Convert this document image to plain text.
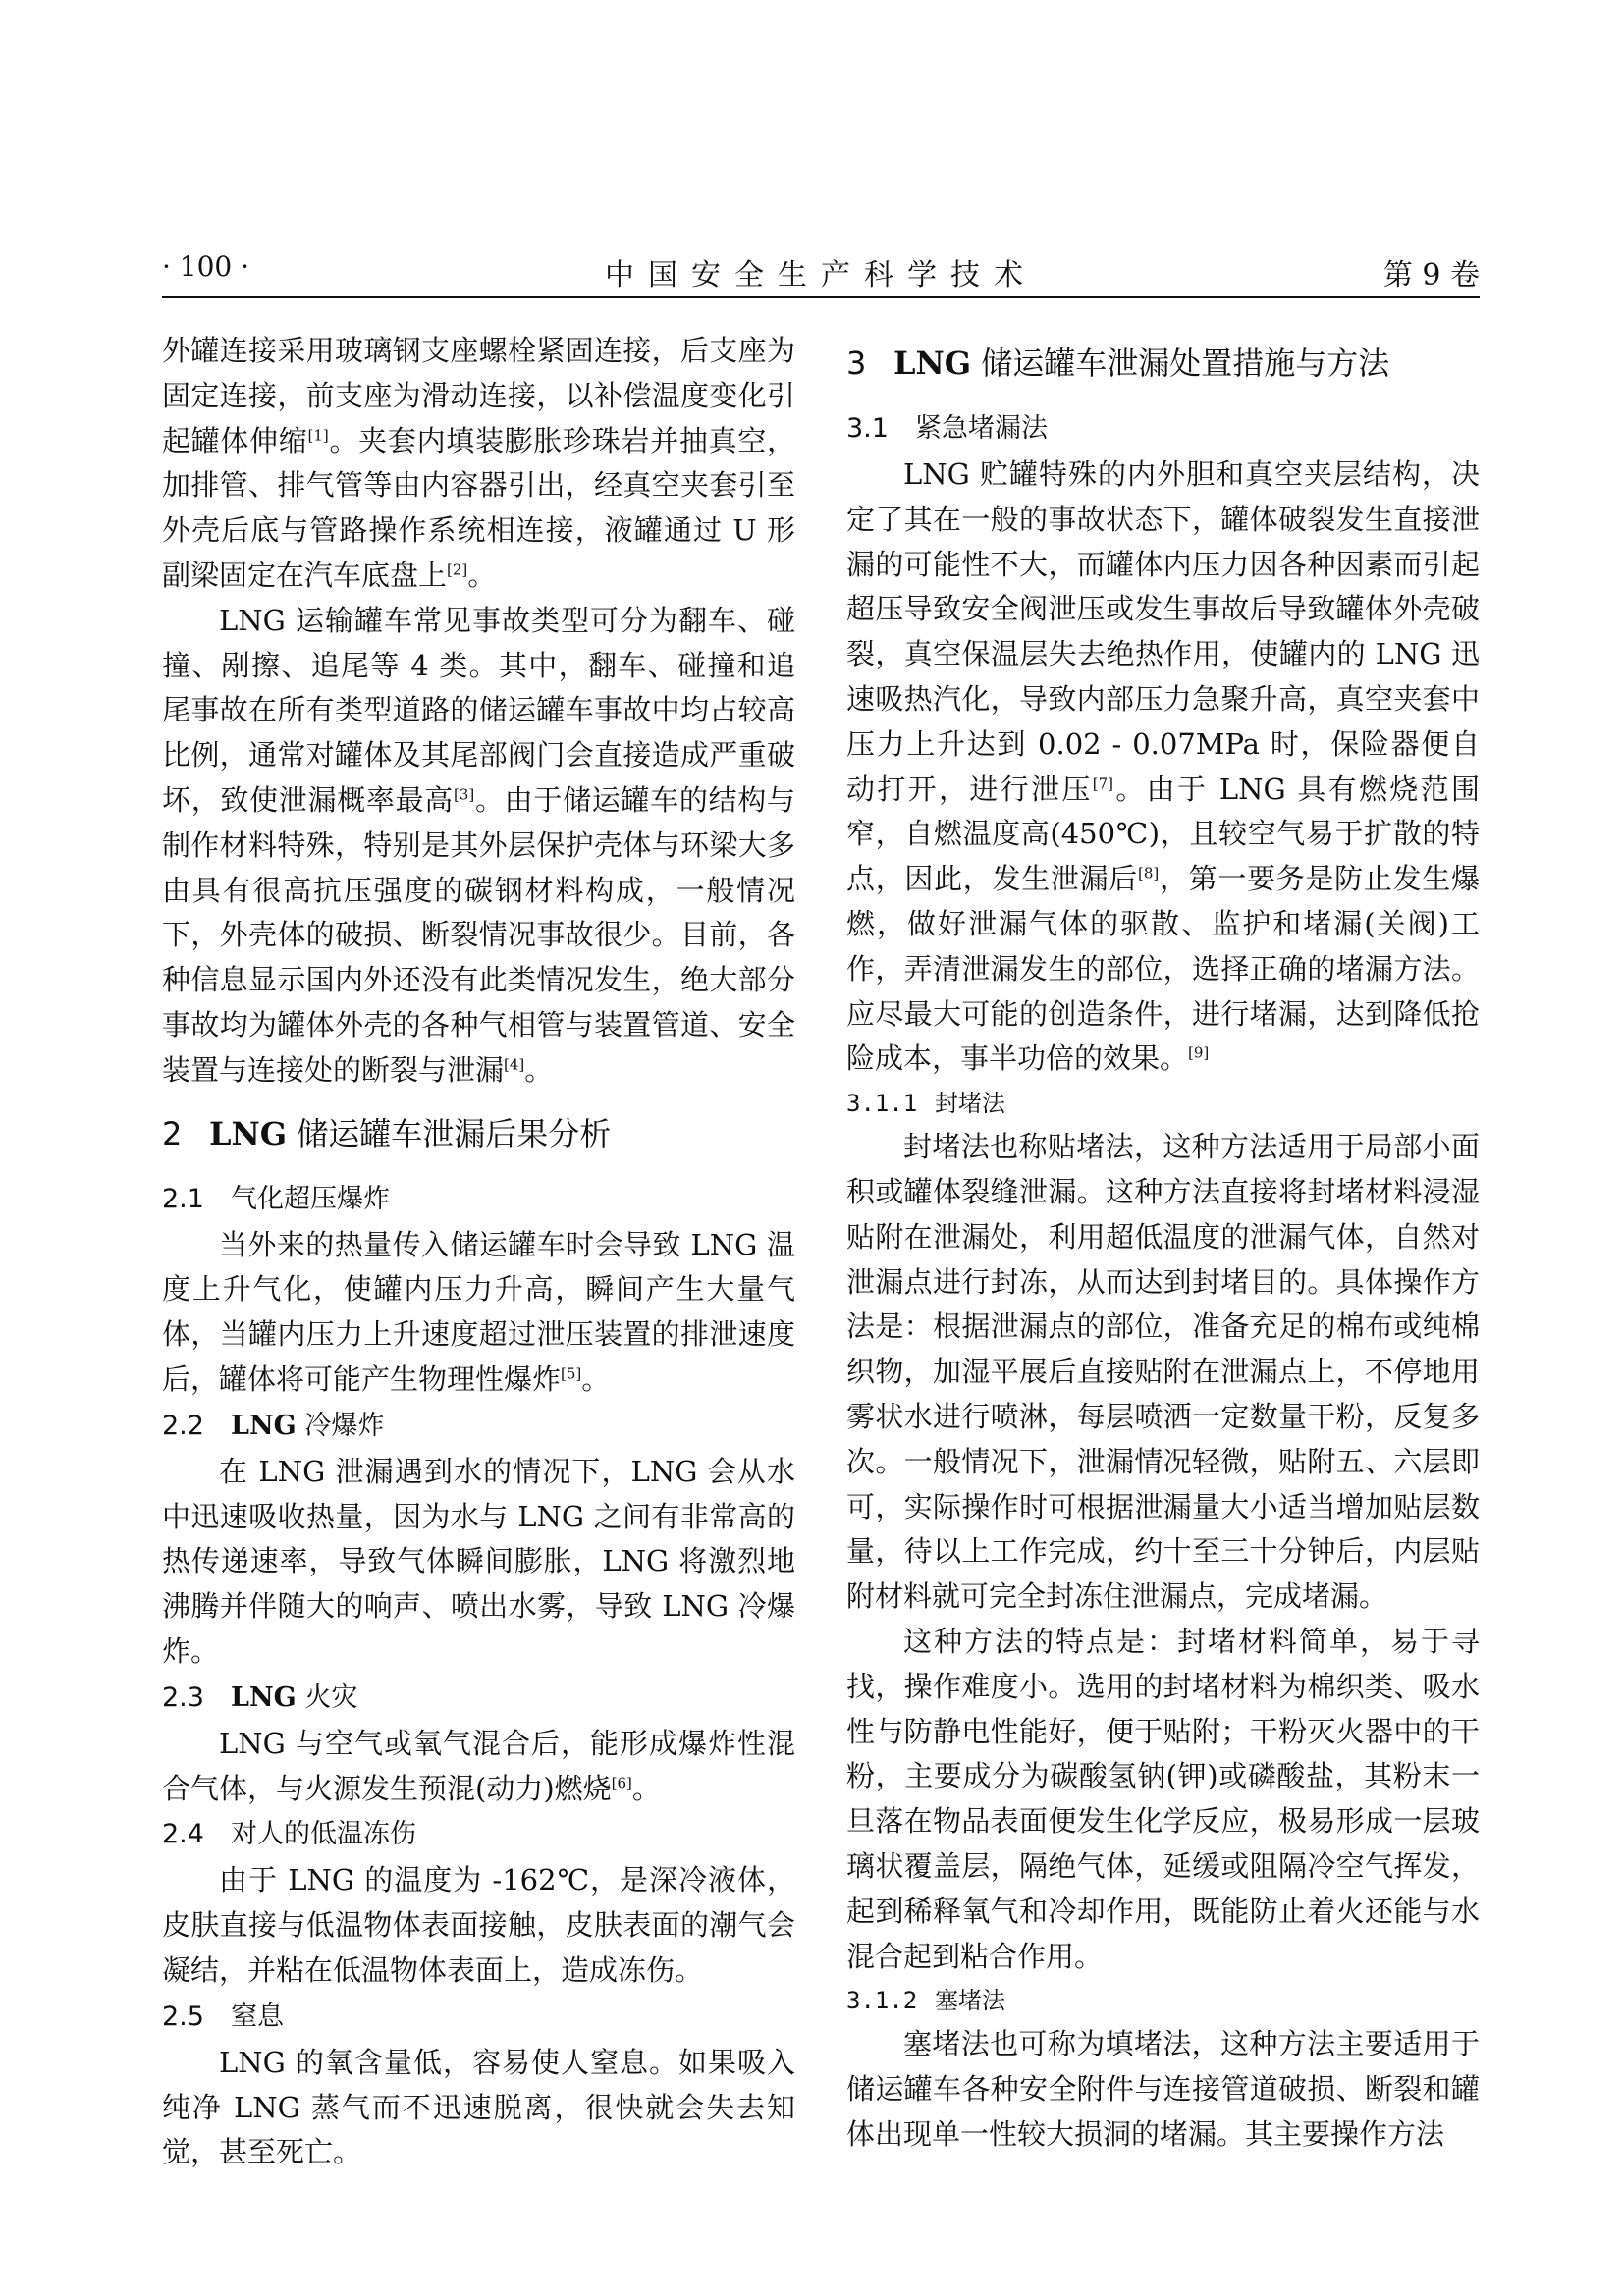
· 100 ·	中国安全生产科学技术	第 9 卷

外罐连接采用玻璃钢支座螺栓紧固连接，后支座为固定连接，前支座为滑动连接，以补偿温度变化引起罐体伸缩[1]。夹套内填装膨胀珍珠岩并抽真空，加排管、排气管等由内容器引出，经真空夹套引至外壳后底与管路操作系统相连接，液罐通过 U 形副梁固定在汽车底盘上[2]。

LNG 运输罐车常见事故类型可分为翻车、碰撞、剐擦、追尾等 4 类。其中，翻车、碰撞和追尾事故在所有类型道路的储运罐车事故中均占较高比例，通常对罐体及其尾部阀门会直接造成严重破坏，致使泄漏概率最高[3]。由于储运罐车的结构与制作材料特殊，特别是其外层保护壳体与环梁大多由具有很高抗压强度的碳钢材料构成，一般情况下，外壳体的破损、断裂情况事故很少。目前，各种信息显示国内外还没有此类情况发生，绝大部分事故均为罐体外壳的各种气相管与装置管道、安全装置与连接处的断裂与泄漏[4]。

2 LNG 储运罐车泄漏后果分析
2.1 气化超压爆炸

当外来的热量传入储运罐车时会导致 LNG 温度上升气化，使罐内压力升高，瞬间产生大量气体，当罐内压力上升速度超过泄压装置的排泄速度后，罐体将可能产生物理性爆炸[5]。

2.2 LNG 冷爆炸

在 LNG 泄漏遇到水的情况下，LNG 会从水中迅速吸收热量，因为水与 LNG 之间有非常高的热传递速率，导致气体瞬间膨胀，LNG 将激烈地沸腾并伴随大的响声、喷出水雾，导致 LNG 冷爆炸。

2.3 LNG 火灾

LNG 与空气或氧气混合后，能形成爆炸性混合气体，与火源发生预混(动力)燃烧[6]。

2.4 对人的低温冻伤

由于 LNG 的温度为 -162℃，是深冷液体，皮肤直接与低温物体表面接触，皮肤表面的潮气会凝结，并粘在低温物体表面上，造成冻伤。

2.5 窒息

LNG 的氧含量低，容易使人窒息。如果吸入纯净 LNG 蒸气而不迅速脱离，很快就会失去知觉，甚至死亡。

3 LNG 储运罐车泄漏处置措施与方法
3.1 紧急堵漏法

LNG 贮罐特殊的内外胆和真空夹层结构，决定了其在一般的事故状态下，罐体破裂发生直接泄漏的可能性不大，而罐体内压力因各种因素而引起超压导致安全阀泄压或发生事故后导致罐体外壳破裂，真空保温层失去绝热作用，使罐内的 LNG 迅速吸热汽化，导致内部压力急聚升高，真空夹套中压力上升达到 0.02 - 0.07MPa 时，保险器便自动打开，进行泄压[7]。由于 LNG 具有燃烧范围窄，自燃温度高(450℃)，且较空气易于扩散的特点，因此，发生泄漏后[8]，第一要务是防止发生爆燃，做好泄漏气体的驱散、监护和堵漏(关阀)工作，弄清泄漏发生的部位，选择正确的堵漏方法。应尽最大可能的创造条件，进行堵漏，达到降低抢险成本，事半功倍的效果。[9]

3.1.1 封堵法

封堵法也称贴堵法，这种方法适用于局部小面积或罐体裂缝泄漏。这种方法直接将封堵材料浸湿贴附在泄漏处，利用超低温度的泄漏气体，自然对泄漏点进行封冻，从而达到封堵目的。具体操作方法是：根据泄漏点的部位，准备充足的棉布或纯棉织物，加湿平展后直接贴附在泄漏点上，不停地用雾状水进行喷淋，每层喷洒一定数量干粉，反复多次。一般情况下，泄漏情况轻微，贴附五、六层即可，实际操作时可根据泄漏量大小适当增加贴层数量，待以上工作完成，约十至三十分钟后，内层贴附材料就可完全封冻住泄漏点，完成堵漏。

这种方法的特点是：封堵材料简单，易于寻找，操作难度小。选用的封堵材料为棉织类、吸水性与防静电性能好，便于贴附；干粉灭火器中的干粉，主要成分为碳酸氢钠(钾)或磷酸盐，其粉末一旦落在物品表面便发生化学反应，极易形成一层玻璃状覆盖层，隔绝气体，延缓或阻隔冷空气挥发，起到稀释氧气和冷却作用，既能防止着火还能与水混合起到粘合作用。

3.1.2 塞堵法

塞堵法也可称为填堵法，这种方法主要适用于储运罐车各种安全附件与连接管道破损、断裂和罐体出现单一性较大损洞的堵漏。其主要操作方法
